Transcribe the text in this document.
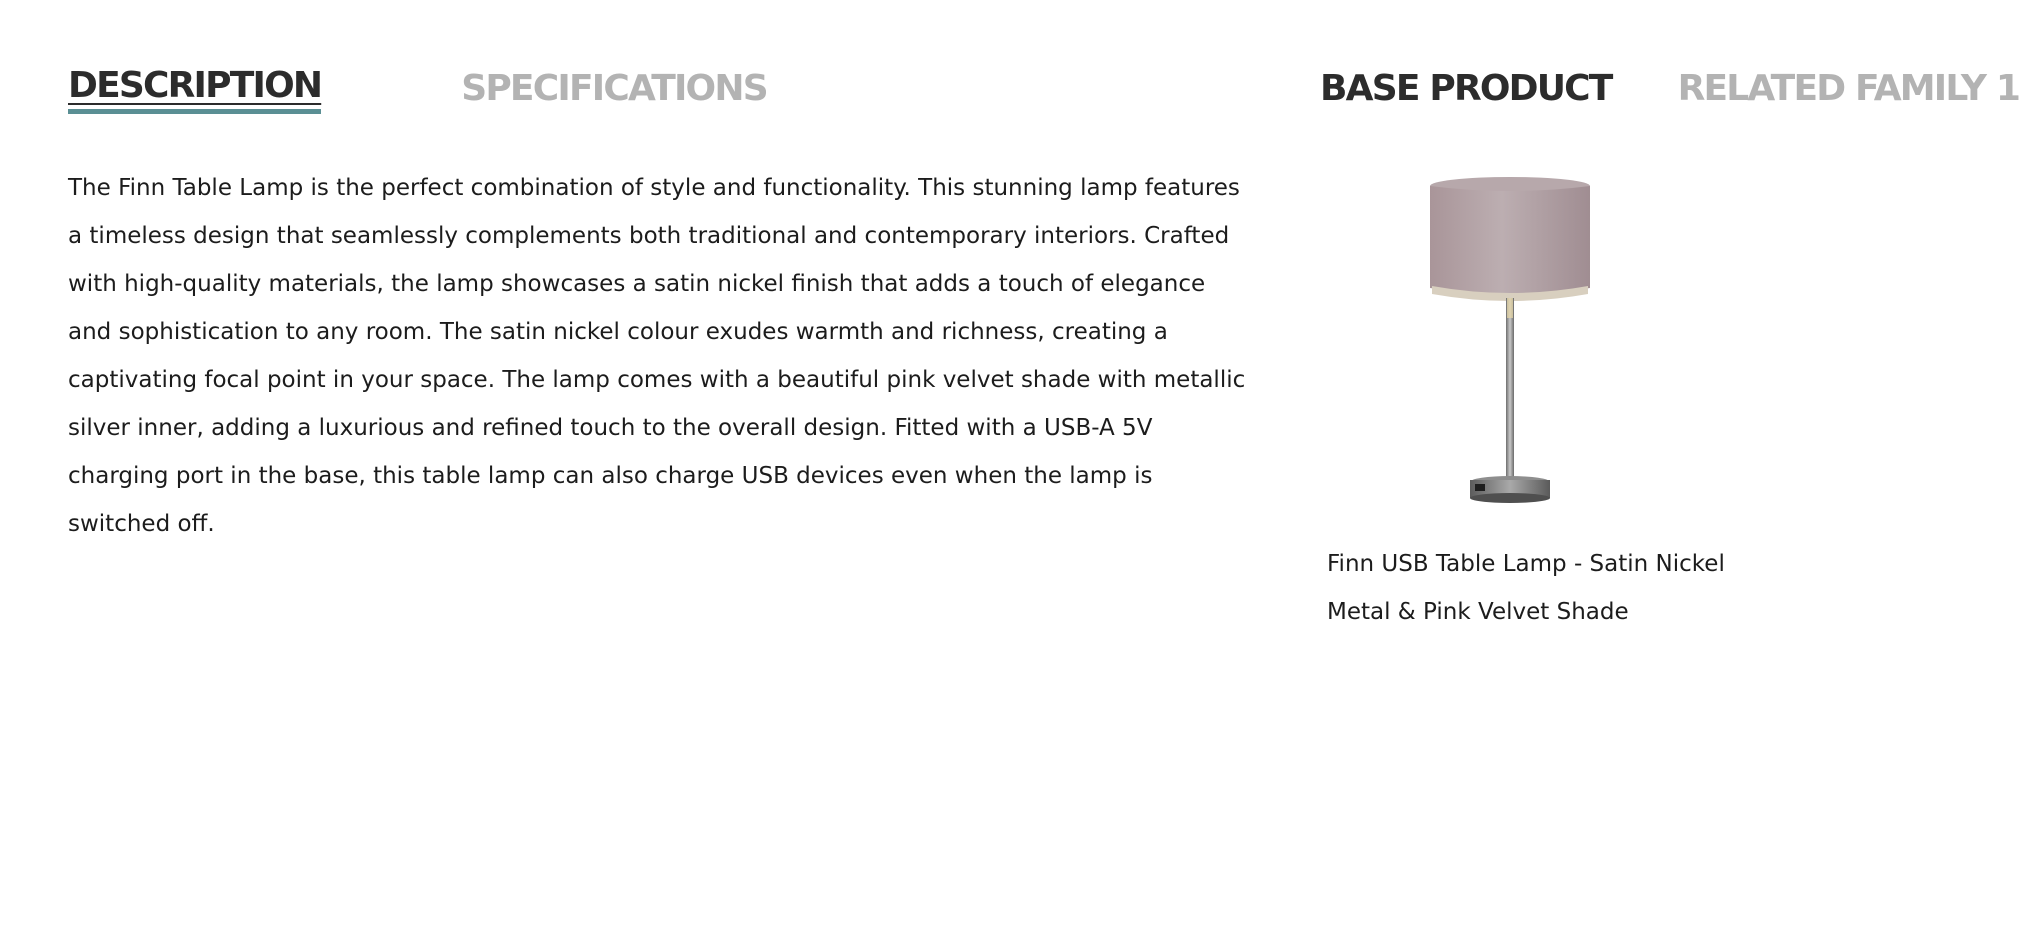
DESCRIPTION	SPECIFICATIONS	BASE PRODUCT RELATED FAMILY 1

The Finn Table Lamp is the perfect combination of style and functionality. This stunning lamp features a timeless design that seamlessly complements both traditional and contemporary interiors. Crafted with high-quality materials, the lamp showcases a satin nickel finish that adds a touch of elegance and sophistication to any room. The satin nickel colour exudes warmth and richness, creating a captivating focal point in your space. The lamp comes with a beautiful pink velvet shade with metallic silver inner, adding a luxurious and refined touch to the overall design. Fitted with a USB-A 5V charging port in the base, this table lamp can also charge USB devices even when the lamp is switched off.

Finn USB Table Lamp - Satin Nickel Metal & Pink Velvet Shade
